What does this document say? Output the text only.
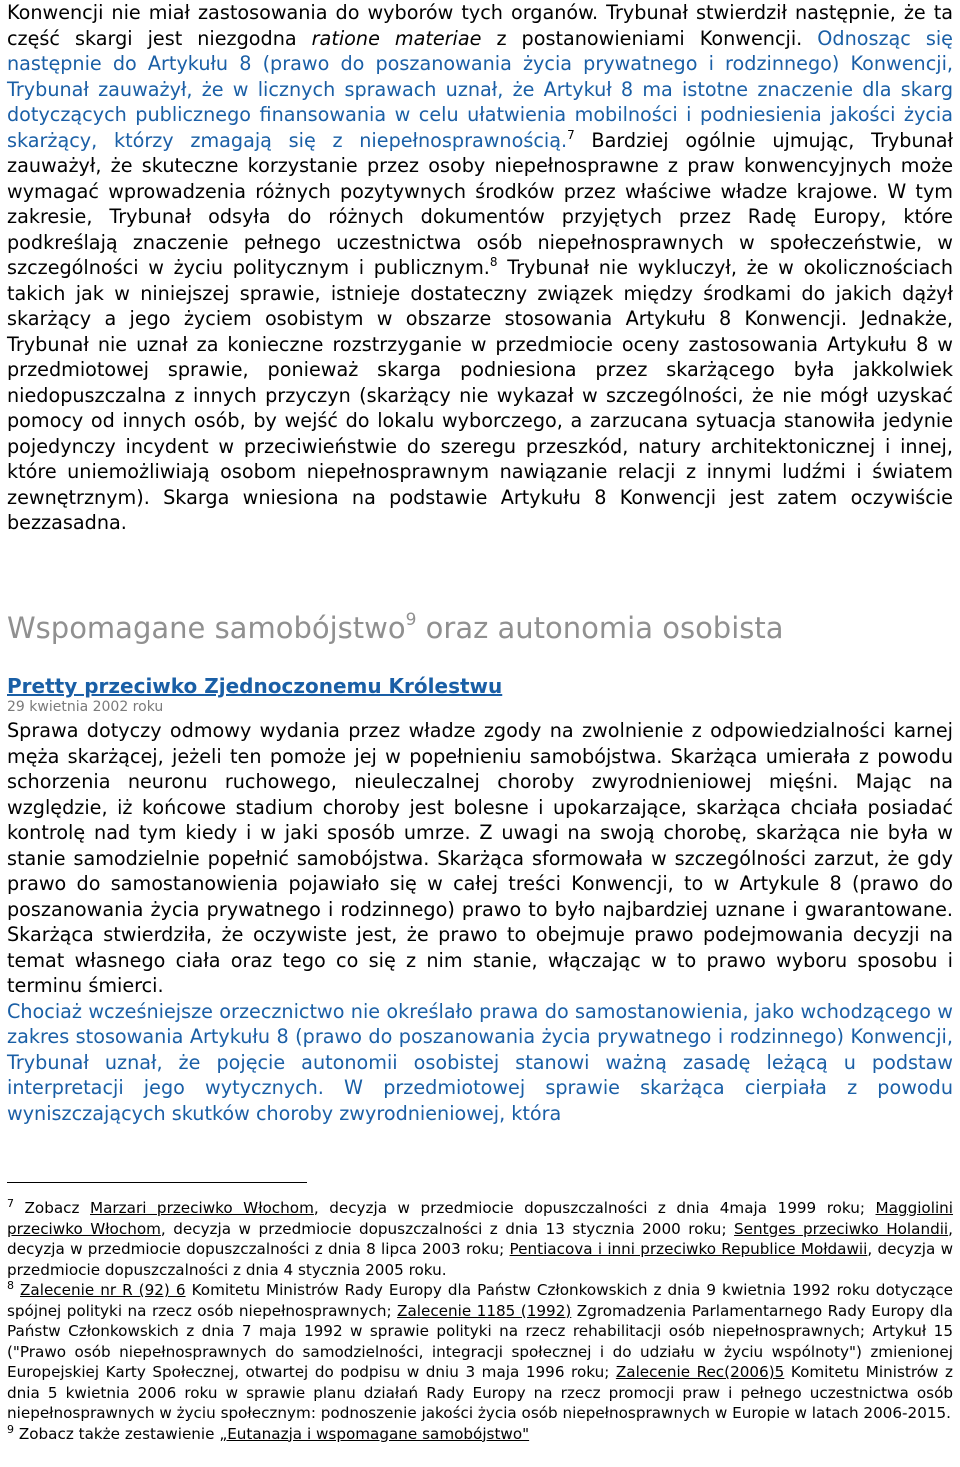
Konwencji nie miał zastosowania do wyborów tych organów. Trybunał stwierdził następnie, że ta część skargi jest niezgodna ratione materiae z postanowieniami Konwencji. Odnosząc się następnie do Artykułu 8 (prawo do poszanowania życia prywatnego i rodzinnego) Konwencji, Trybunał zauważył, że w licznych sprawach uznał, że Artykuł 8 ma istotne znaczenie dla skarg dotyczących publicznego finansowania w celu ułatwienia mobilności i podniesienia jakości życia skarżący, którzy zmagają się z niepełnosprawnością.$^7$ Bardziej ogólnie ujmując, Trybunał zauważył, że skuteczne korzystanie przez osoby niepełnosprawne z praw konwencyjnych może wymagać wprowadzenia różnych pozytywnych środków przez właściwe władze krajowe. W tym zakresie, Trybunał odsyła do różnych dokumentów przyjętych przez Radę Europy, które podkreślają znaczenie pełnego uczestnictwa osób niepełnosprawnych w społeczeństwie, w szczególności w życiu politycznym i publicznym.$^8$ Trybunał nie wykluczył, że w okolicznościach takich jak w niniejszej sprawie, istnieje dostateczny związek między środkami do jakich dążył skarżący a jego życiem osobistym w obszarze stosowania Artykułu 8 Konwencji. Jednakże, Trybunał nie uznał za konieczne rozstrzyganie w przedmiocie oceny zastosowania Artykułu 8 w przedmiotowej sprawie, ponieważ skarga podniesiona przez skarżącego była jakkolwiek niedopuszczalna z innych przyczyn (skarżący nie wykazał w szczególności, że nie mógł uzyskać pomocy od innych osób, by wejść do lokalu wyborczego, a zarzucana sytuacja stanowiła jedynie pojedynczy incydent w przeciwieństwie do szeregu przeszkód, natury architektonicznej i innej, które uniemożliwiają osobom niepełnosprawnym nawiązanie relacji z innymi ludźmi i światem zewnętrznym). Skarga wniesiona na podstawie Artykułu 8 Konwencji jest zatem oczywiście bezzasadna.

Wspomagane samobójstwo$^9$ oraz autonomia osobista
Pretty przeciwko Zjednoczonemu Królestwu
29 kwietnia 2002 roku

Sprawa dotyczy odmowy wydania przez władze zgody na zwolnienie z odpowiedzialności karnej męża skarżącej, jeżeli ten pomoże jej w popełnieniu samobójstwa. Skarżąca umierała z powodu schorzenia neuronu ruchowego, nieuleczalnej choroby zwyrodnieniowej mięśni. Mając na względzie, iż końcowe stadium choroby jest bolesne i upokarzające, skarżąca chciała posiadać kontrolę nad tym kiedy i w jaki sposób umrze. Z uwagi na swoją chorobę, skarżąca nie była w stanie samodzielnie popełnić samobójstwa. Skarżąca sformowała w szczególności zarzut, że gdy prawo do samostanowienia pojawiało się w całej treści Konwencji, to w Artykule 8 (prawo do poszanowania życia prywatnego i rodzinnego) prawo to było najbardziej uznane i gwarantowane. Skarżąca stwierdziła, że oczywiste jest, że prawo to obejmuje prawo podejmowania decyzji na temat własnego ciała oraz tego co się z nim stanie, włączając w to prawo wyboru sposobu i terminu śmierci.

Chociaż wcześniejsze orzecznictwo nie określało prawa do samostanowienia, jako wchodzącego w zakres stosowania Artykułu 8 (prawo do poszanowania życia prywatnego i rodzinnego) Konwencji, Trybunał uznał, że pojęcie autonomii osobistej stanowi ważną zasadę leżącą u podstaw interpretacji jego wytycznych. W przedmiotowej sprawie skarżąca cierpiała z powodu wyniszczających skutków choroby zwyrodnieniowej, która

$^7$ Zobacz Marzari przeciwko Włochom, decyzja w przedmiocie dopuszczalności z dnia 4maja 1999 roku; Maggiolini przeciwko Włochom, decyzja w przedmiocie dopuszczalności z dnia 13 stycznia 2000 roku; Sentges przeciwko Holandii, decyzja w przedmiocie dopuszczalności z dnia 8 lipca 2003 roku; Pentiacova i inni przeciwko Republice Mołdawii, decyzja w przedmiocie dopuszczalności z dnia 4 stycznia 2005 roku.

$^8$ Zalecenie nr R (92) 6 Komitetu Ministrów Rady Europy dla Państw Członkowskich z dnia 9 kwietnia 1992 roku dotyczące spójnej polityki na rzecz osób niepełnosprawnych; Zalecenie 1185 (1992) Zgromadzenia Parlamentarnego Rady Europy dla Państw Członkowskich z dnia 7 maja 1992 w sprawie polityki na rzecz rehabilitacji osób niepełnosprawnych; Artykuł 15 ("Prawo osób niepełnosprawnych do samodzielności, integracji społecznej i do udziału w życiu wspólnoty") zmienionej Europejskiej Karty Społecznej, otwartej do podpisu w dniu 3 maja 1996 roku; Zalecenie Rec(2006)5 Komitetu Ministrów z dnia 5 kwietnia 2006 roku w sprawie planu działań Rady Europy na rzecz promocji praw i pełnego uczestnictwa osób niepełnosprawnych w życiu społecznym: podnoszenie jakości życia osób niepełnosprawnych w Europie w latach 2006-2015.

$^9$ Zobacz także zestawienie „Eutanazja i wspomagane samobójstwo"
